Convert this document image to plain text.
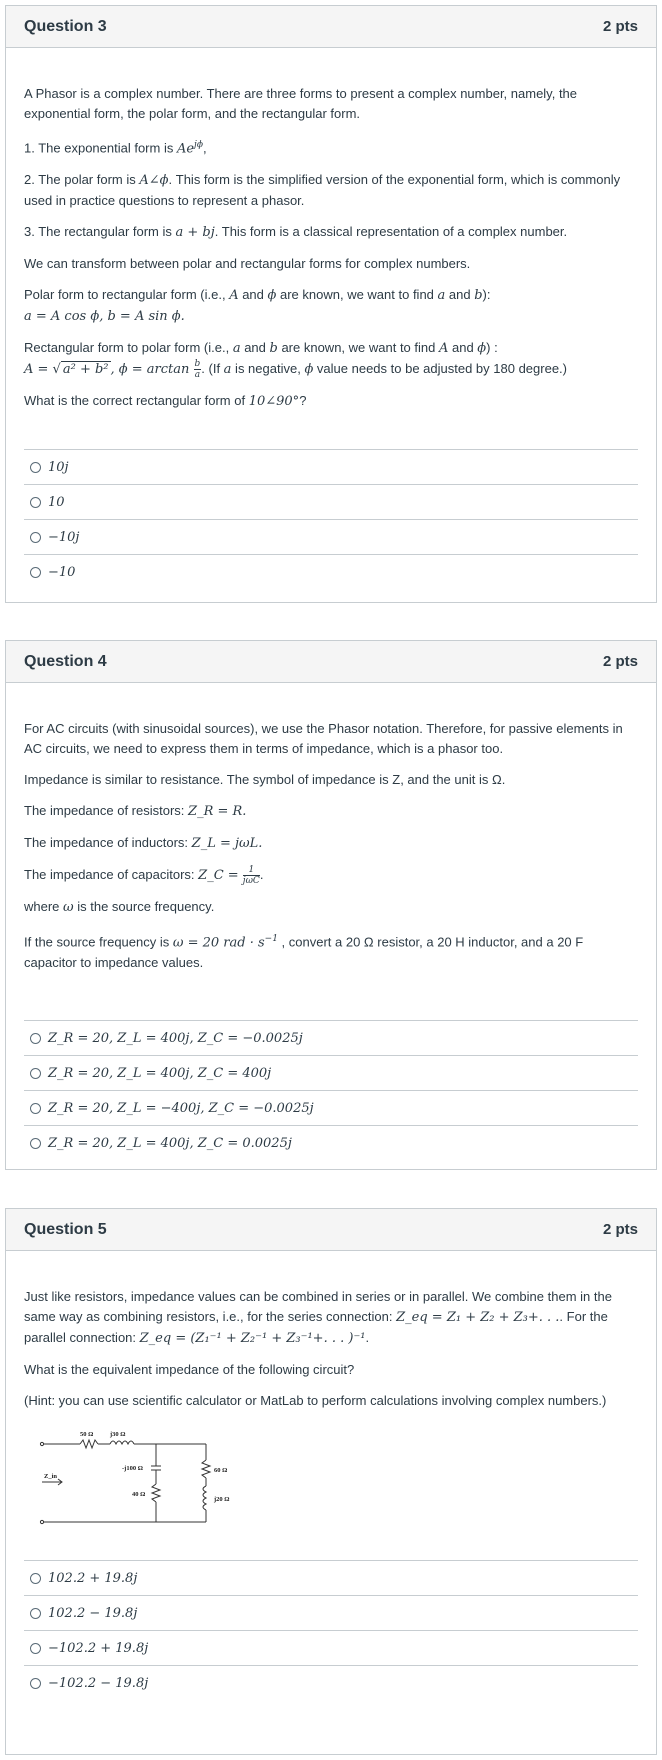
Question 3	2 pts

A Phasor is a complex number. There are three forms to present a complex number, namely, the exponential form, the polar form, and the rectangular form.

1. The exponential form is $Ae^{j\phi}$,

2. The polar form is A∠ϕ. This form is the simplified version of the exponential form, which is commonly used in practice questions to represent a phasor.

3. The rectangular form is a + bj. This form is a classical representation of a complex number.

We can transform between polar and rectangular forms for complex numbers.

Polar form to rectangular form (i.e., A and ϕ are known, we want to find a and b):
a = A cos ϕ, b = A sin ϕ.

Rectangular form to polar form (i.e., a and b are known, we want to find A and ϕ) :
A = √ a² + b² , $\phi = \arctan \frac{b}{a}$ . (If a is negative, ϕ value needs to be adjusted by 180 degree.)

What is the correct rectangular form of 10∠90°?

10j
10
−10j
−10
Question 4	2 pts

For AC circuits (with sinusoidal sources), we use the Phasor notation. Therefore, for passive elements in AC circuits, we need to express them in terms of impedance, which is a phasor too.

Impedance is similar to resistance. The symbol of impedance is Z, and the unit is Ω.

The impedance of resistors: Z_R = R.

The impedance of inductors: Z_L = jωL.

The impedance of capacitors: Z_C = $\frac{1}{\text{jωC}}$ .

where ω is the source frequency.

If the source frequency is ω = 20 rad · $s^{-1}$ , convert a 20 Ω resistor, a 20 H inductor, and a 20 F capacitor to impedance values.

Z_R = 20, Z_L = 400j, Z_C = −0.0025j
Z_R = 20, Z_L = 400j, Z_C = 400j
Z_R = 20, Z_L = −400j, Z_C = −0.0025j
Z_R = 20, Z_L = 400j, Z_C = 0.0025j
Question 5	2 pts

Just like resistors, impedance values can be combined in series or in parallel. We combine them in the same way as combining resistors, i.e., for the series connection: Z_eq = Z₁ + Z₂ + Z₃+. . .. For the parallel connection: Z_eq = (Z₁⁻¹ + Z₂⁻¹ + Z₃⁻¹+. . . )⁻¹.

What is the equivalent impedance of the following circuit?

(Hint: you can use scientific calculator or MatLab to perform calculations involving complex numbers.)

50 Ω	j30 Ω
-j100 Ω
40 Ω
60 Ω
j20 Ω
Z_in
102.2 + 19.8j
102.2 − 19.8j
−102.2 + 19.8j
−102.2 − 19.8j
